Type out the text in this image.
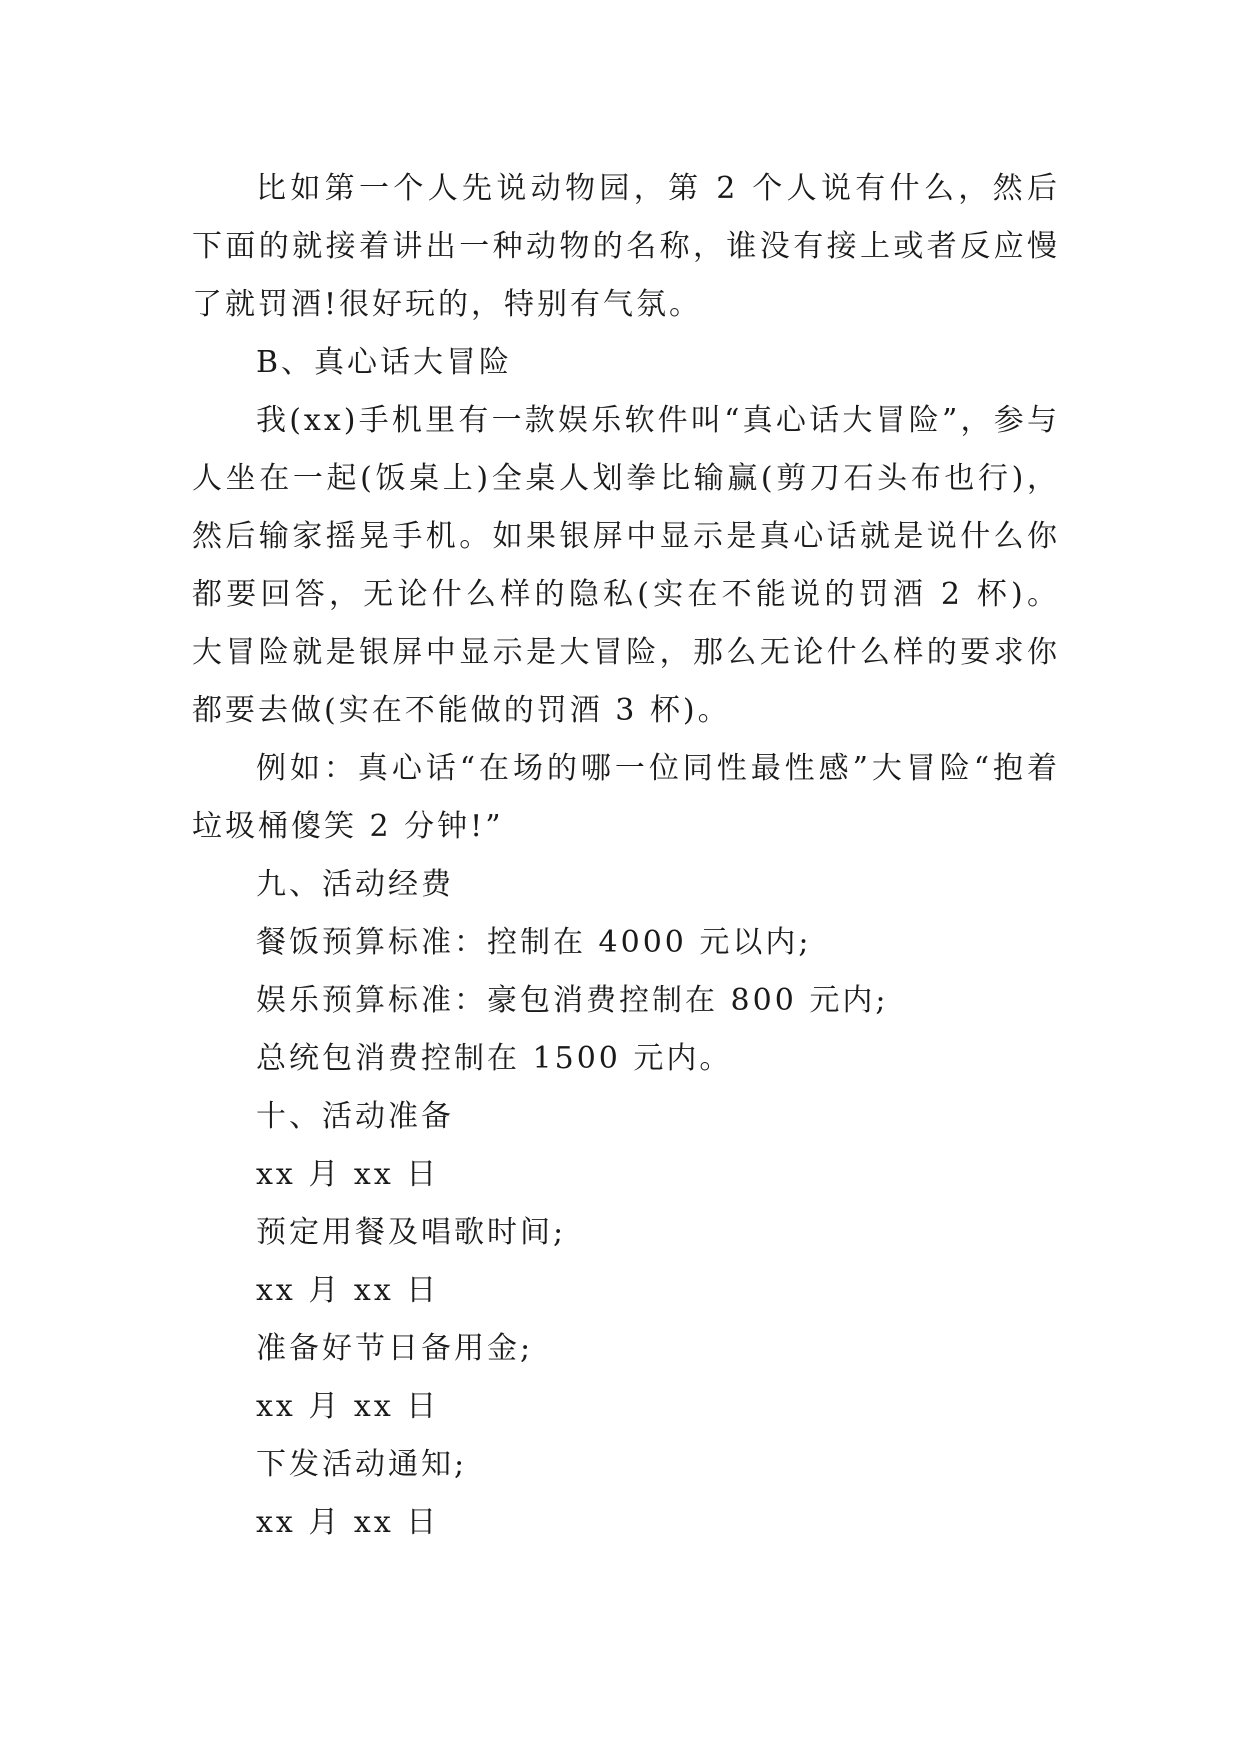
比如第一个人先说动物园，第 2 个人说有什么，然后下面的就接着讲出一种动物的名称，谁没有接上或者反应慢了就罚酒!很好玩的，特别有气氛。

B、真心话大冒险

我(xx)手机里有一款娱乐软件叫“真心话大冒险”，参与人坐在一起(饭桌上)全桌人划拳比输赢(剪刀石头布也行)，然后输家摇晃手机。如果银屏中显示是真心话就是说什么你都要回答，无论什么样的隐私(实在不能说的罚酒 2 杯)。大冒险就是银屏中显示是大冒险，那么无论什么样的要求你都要去做(实在不能做的罚酒 3 杯)。

例如：真心话“在场的哪一位同性最性感”大冒险“抱着垃圾桶傻笑 2 分钟!”

九、活动经费

餐饭预算标准：控制在 4000 元以内;

娱乐预算标准：豪包消费控制在 800 元内;

总统包消费控制在 1500 元内。

十、活动准备

xx 月 xx 日

预定用餐及唱歌时间;

xx 月 xx 日

准备好节日备用金;

xx 月 xx 日

下发活动通知;

xx 月 xx 日
